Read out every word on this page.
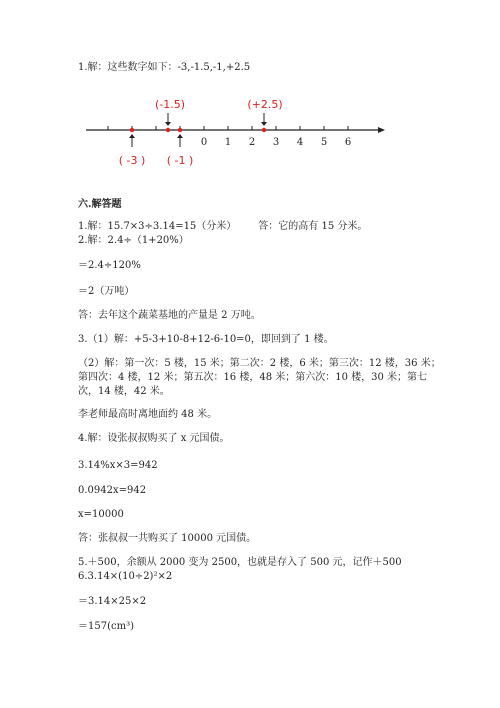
1.解：这些数字如下：-3,-1.5,-1,+2.5
0 1 2 3 4 5 6
( -3 )
(-1.5)
( -1 )
(+2.5)
六.解答题
1.解：15.7×3÷3.14=15（分米） 答：它的高有 15 分米。
2.解：2.4÷（1+20%）
＝2.4÷120%
＝2（万吨）
答：去年这个蔬菜基地的产量是 2 万吨。
3.（1）解：+5-3+10-8+12-6-10=0，即回到了 1 楼。
（2）解：第一次：5 楼，15 米；第二次：2 楼，6 米；第三次：12 楼，36 米；
第四次：4 楼，12 米；第五次：16 楼，48 米；第六次：10 楼，30 米；第七
次，14 楼，42 米。
李老师最高时离地面约 48 米。
4.解：设张叔叔购买了 x 元国债。
3.14%x×3=942
0.0942x=942
x=10000
答：张叔叔一共购买了 10000 元国债。
5.＋500，余额从 2000 变为 2500，也就是存入了 500 元，记作＋500
6.3.14×(10÷2)²×2
＝3.14×25×2
＝157(cm³)
